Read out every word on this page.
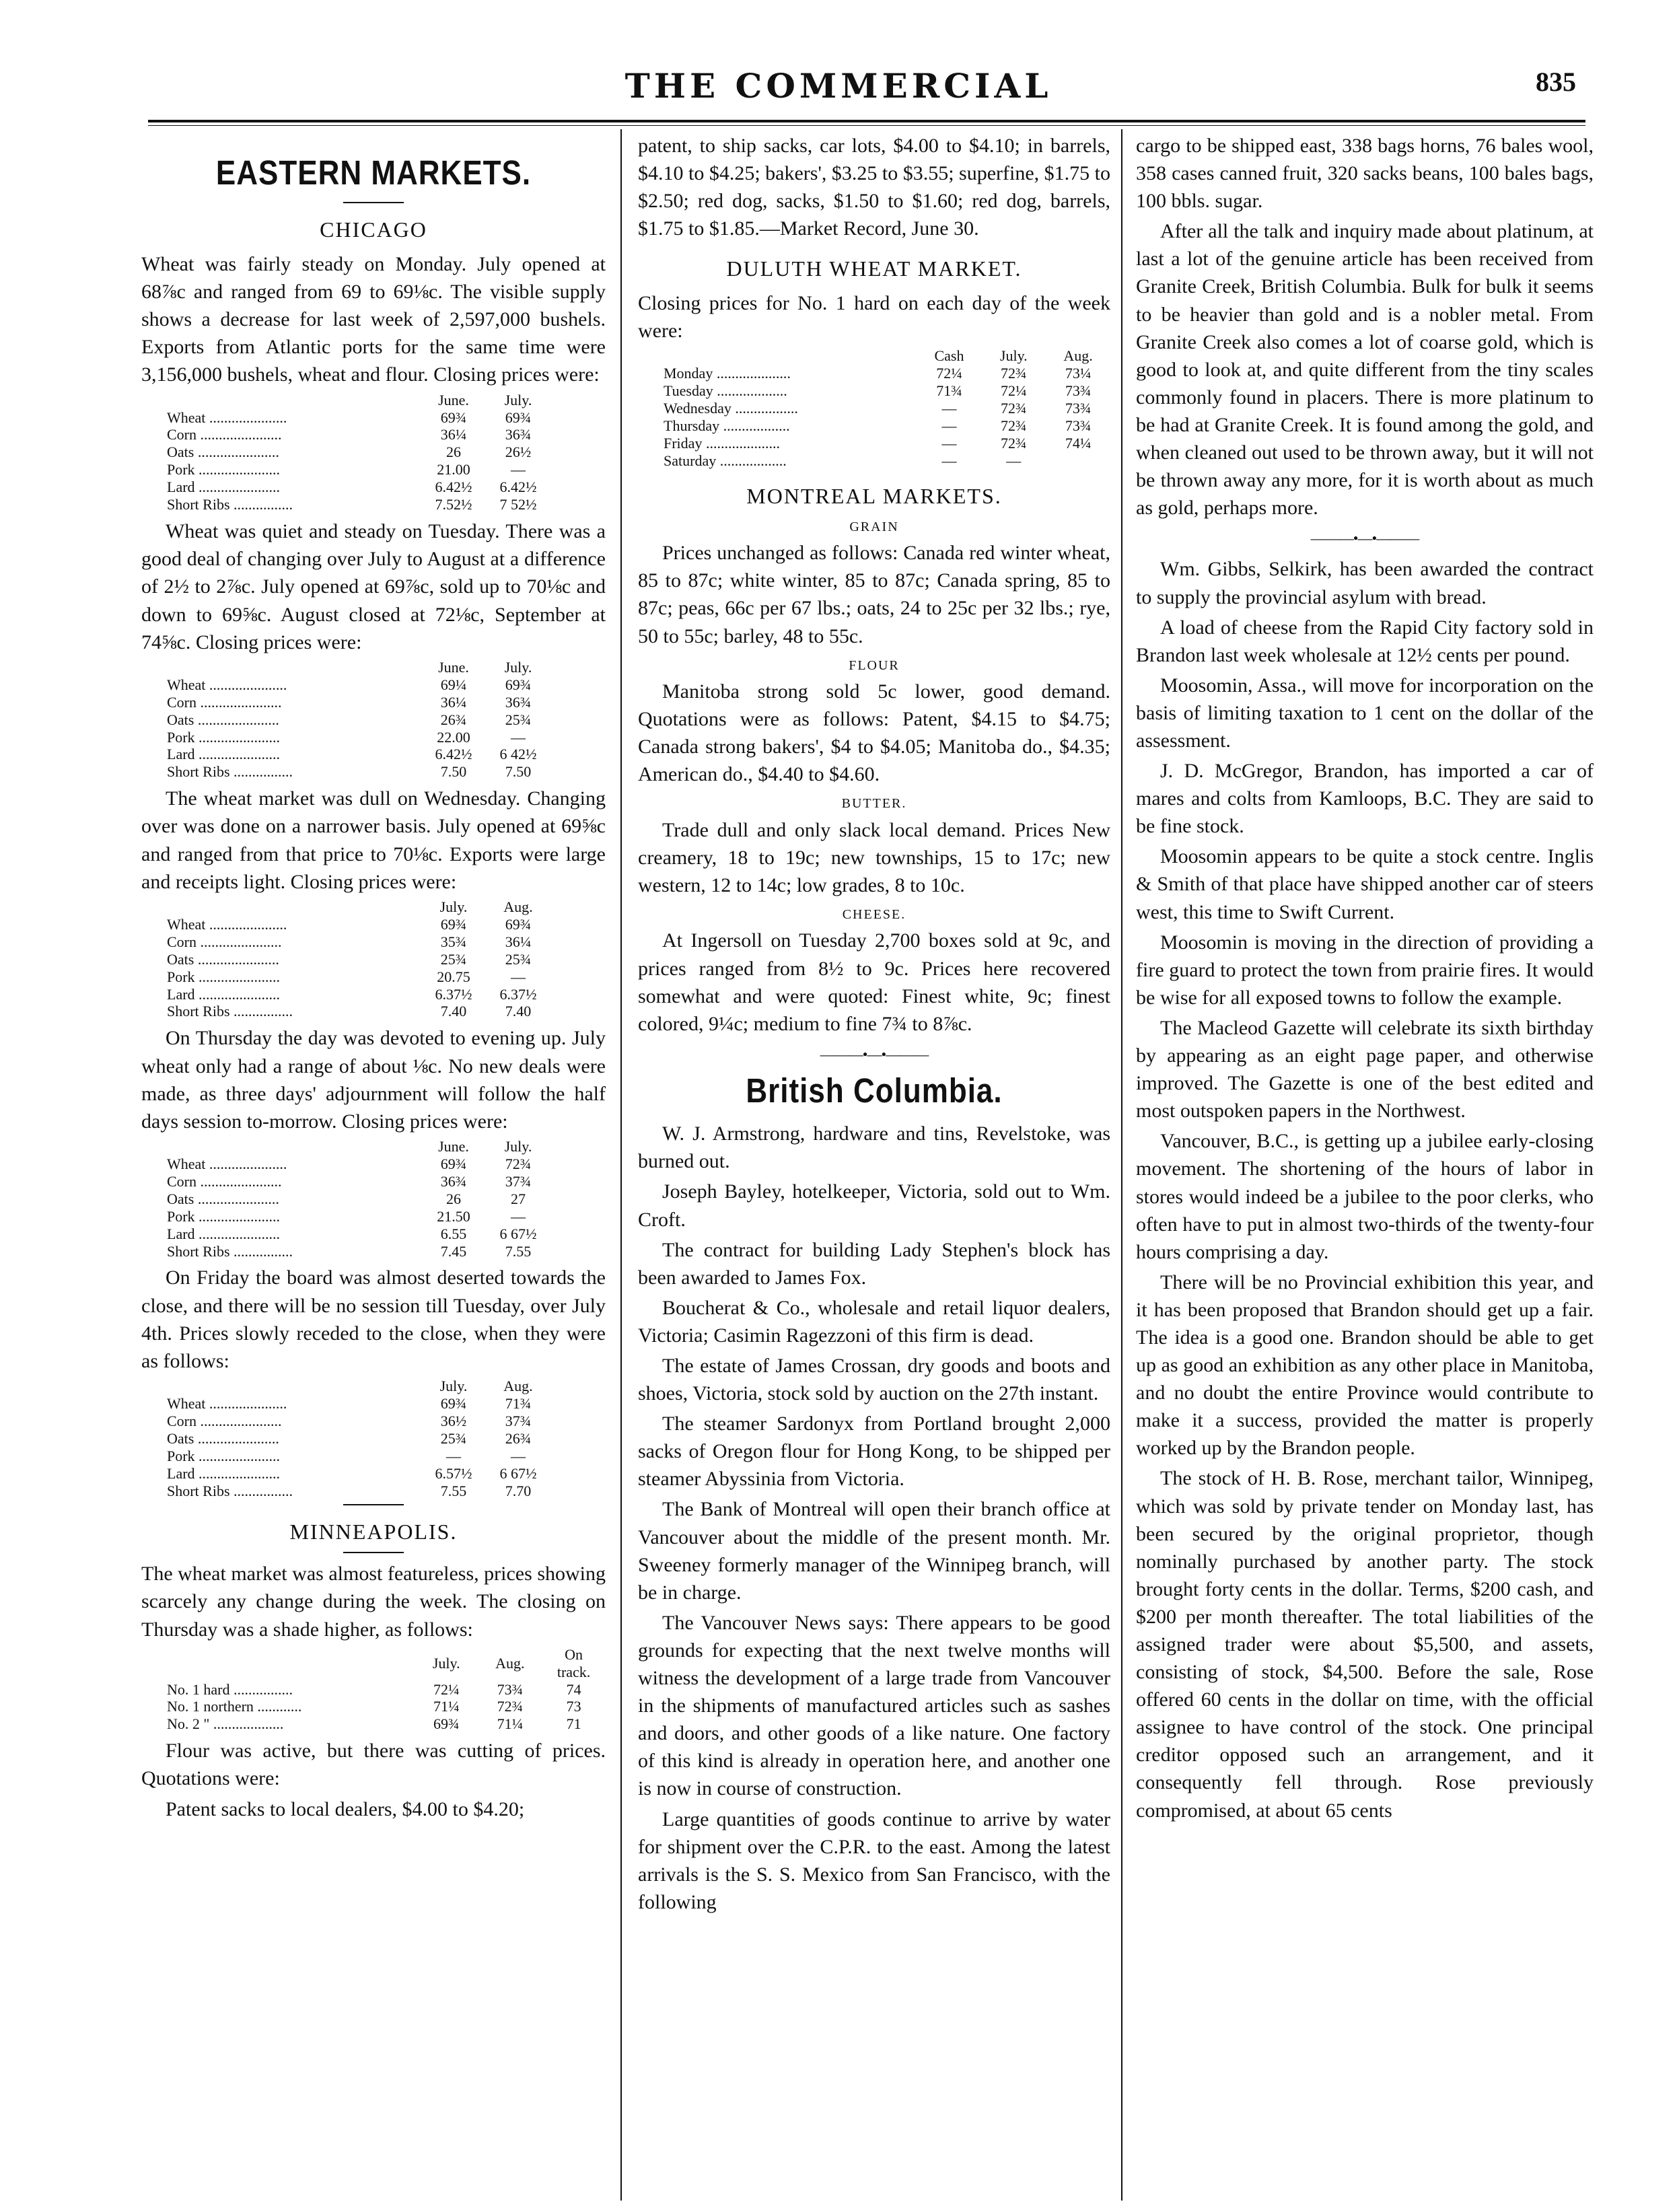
THE COMMERCIAL	835
EASTERN MARKETS.
CHICAGO

Wheat was fairly steady on Monday. July opened at 68⅞c and ranged from 69 to 69⅛c. The visible supply shows a decrease for last week of 2,597,000 bushels. Exports from Atlantic ports for the same time were 3,156,000 bushels, wheat and flour. Closing prices were:

	June.	July.
Wheat .....................	69¾	69¾
Corn ......................	36¼	36¾
Oats ......................	26	26½
Pork ......................	21.00	—
Lard ......................	6.42½	6.42½
Short Ribs ................	7.52½	7 52½

Wheat was quiet and steady on Tuesday. There was a good deal of changing over July to August at a difference of 2½ to 2⅞c. July opened at 69⅞c, sold up to 70⅛c and down to 69⅝c. August closed at 72⅛c, September at 74⅝c. Closing prices were:

	June.	July.
Wheat .....................	69¼	69¾
Corn ......................	36¼	36¾
Oats ......................	26¾	25¾
Pork ......................	22.00	—
Lard ......................	6.42½	6 42½
Short Ribs ................	7.50	7.50

The wheat market was dull on Wednesday. Changing over was done on a narrower basis. July opened at 69⅝c and ranged from that price to 70⅛c. Exports were large and receipts light. Closing prices were:

	July.	Aug.
Wheat .....................	69¾	69¾
Corn ......................	35¾	36¼
Oats ......................	25¾	25¾
Pork ......................	20.75	—
Lard ......................	6.37½	6.37½
Short Ribs ................	7.40	7.40

On Thursday the day was devoted to evening up. July wheat only had a range of about ⅛c. No new deals were made, as three days' adjournment will follow the half days session to-morrow. Closing prices were:

	June.	July.
Wheat .....................	69¾	72¾
Corn ......................	36¾	37¾
Oats ......................	26	27
Pork ......................	21.50	—
Lard ......................	6.55	6 67½
Short Ribs ................	7.45	7.55

On Friday the board was almost deserted towards the close, and there will be no session till Tuesday, over July 4th. Prices slowly receded to the close, when they were as follows:

	July.	Aug.
Wheat .....................	69¾	71¾
Corn ......................	36½	37¾
Oats ......................	25¾	26¾
Pork ......................	—	—
Lard ......................	6.57½	6 67½
Short Ribs ................	7.55	7.70
MINNEAPOLIS.

The wheat market was almost featureless, prices showing scarcely any change during the week. The closing on Thursday was a shade higher, as follows:

	July.	Aug.	On track.
No. 1 hard ................	72¼	73¾	74
No. 1 northern ............	71¼	72¾	73
No. 2 " ...................	69¾	71¼	71

Flour was active, but there was cutting of prices. Quotations were:

Patent sacks to local dealers, $4.00 to $4.20;

patent, to ship sacks, car lots, $4.00 to $4.10; in barrels, $4.10 to $4.25; bakers', $3.25 to $3.55; superfine, $1.75 to $2.50; red dog, sacks, $1.50 to $1.60; red dog, barrels, $1.75 to $1.85.—Market Record, June 30.

DULUTH WHEAT MARKET.

Closing prices for No. 1 hard on each day of the week were:

	Cash	July.	Aug.
Monday ....................	72¼	72¾	73¼
Tuesday ...................	71¾	72¼	73¾
Wednesday .................	—	72¾	73¾
Thursday ..................	—	72¾	73¾
Friday ....................	—	72¾	74¼
Saturday ..................	—	—	
MONTREAL MARKETS.
GRAIN

Prices unchanged as follows: Canada red winter wheat, 85 to 87c; white winter, 85 to 87c; Canada spring, 85 to 87c; peas, 66c per 67 lbs.; oats, 24 to 25c per 32 lbs.; rye, 50 to 55c; barley, 48 to 55c.

FLOUR

Manitoba strong sold 5c lower, good demand. Quotations were as follows: Patent, $4.15 to $4.75; Canada strong bakers', $4 to $4.05; Manitoba do., $4.35; American do., $4.40 to $4.60.

BUTTER.

Trade dull and only slack local demand. Prices New creamery, 18 to 19c; new townships, 15 to 17c; new western, 12 to 14c; low grades, 8 to 10c.

CHEESE.

At Ingersoll on Tuesday 2,700 boxes sold at 9c, and prices ranged from 8½ to 9c. Prices here recovered somewhat and were quoted: Finest white, 9c; finest colored, 9¼c; medium to fine 7¾ to 8⅞c.

———•—•———
British Columbia.

W. J. Armstrong, hardware and tins, Revelstoke, was burned out.

Joseph Bayley, hotelkeeper, Victoria, sold out to Wm. Croft.

The contract for building Lady Stephen's block has been awarded to James Fox.

Boucherat & Co., wholesale and retail liquor dealers, Victoria; Casimin Ragezzoni of this firm is dead.

The estate of James Crossan, dry goods and boots and shoes, Victoria, stock sold by auction on the 27th instant.

The steamer Sardonyx from Portland brought 2,000 sacks of Oregon flour for Hong Kong, to be shipped per steamer Abyssinia from Victoria.

The Bank of Montreal will open their branch office at Vancouver about the middle of the present month. Mr. Sweeney formerly manager of the Winnipeg branch, will be in charge.

The Vancouver News says: There appears to be good grounds for expecting that the next twelve months will witness the development of a large trade from Vancouver in the shipments of manufactured articles such as sashes and doors, and other goods of a like nature. One factory of this kind is already in operation here, and another one is now in course of construction.

Large quantities of goods continue to arrive by water for shipment over the C.P.R. to the east. Among the latest arrivals is the S. S. Mexico from San Francisco, with the following

cargo to be shipped east, 338 bags horns, 76 bales wool, 358 cases canned fruit, 320 sacks beans, 100 bales bags, 100 bbls. sugar.

After all the talk and inquiry made about platinum, at last a lot of the genuine article has been received from Granite Creek, British Columbia. Bulk for bulk it seems to be heavier than gold and is a nobler metal. From Granite Creek also comes a lot of coarse gold, which is good to look at, and quite different from the tiny scales commonly found in placers. There is more platinum to be had at Granite Creek. It is found among the gold, and when cleaned out used to be thrown away, but it will not be thrown away any more, for it is worth about as much as gold, perhaps more.

———•—•———

Wm. Gibbs, Selkirk, has been awarded the contract to supply the provincial asylum with bread.

A load of cheese from the Rapid City factory sold in Brandon last week wholesale at 12½ cents per pound.

Moosomin, Assa., will move for incorporation on the basis of limiting taxation to 1 cent on the dollar of the assessment.

J. D. McGregor, Brandon, has imported a car of mares and colts from Kamloops, B.C. They are said to be fine stock.

Moosomin appears to be quite a stock centre. Inglis & Smith of that place have shipped another car of steers west, this time to Swift Current.

Moosomin is moving in the direction of providing a fire guard to protect the town from prairie fires. It would be wise for all exposed towns to follow the example.

The Macleod Gazette will celebrate its sixth birthday by appearing as an eight page paper, and otherwise improved. The Gazette is one of the best edited and most outspoken papers in the Northwest.

Vancouver, B.C., is getting up a jubilee early-closing movement. The shortening of the hours of labor in stores would indeed be a jubilee to the poor clerks, who often have to put in almost two-thirds of the twenty-four hours comprising a day.

There will be no Provincial exhibition this year, and it has been proposed that Brandon should get up a fair. The idea is a good one. Brandon should be able to get up as good an exhibition as any other place in Manitoba, and no doubt the entire Province would contribute to make it a success, provided the matter is properly worked up by the Brandon people.

The stock of H. B. Rose, merchant tailor, Winnipeg, which was sold by private tender on Monday last, has been secured by the original proprietor, though nominally purchased by another party. The stock brought forty cents in the dollar. Terms, $200 cash, and $200 per month thereafter. The total liabilities of the assigned trader were about $5,500, and assets, consisting of stock, $4,500. Before the sale, Rose offered 60 cents in the dollar on time, with the official assignee to have control of the stock. One principal creditor opposed such an arrangement, and it consequently fell through. Rose previously compromised, at about 65 cents
